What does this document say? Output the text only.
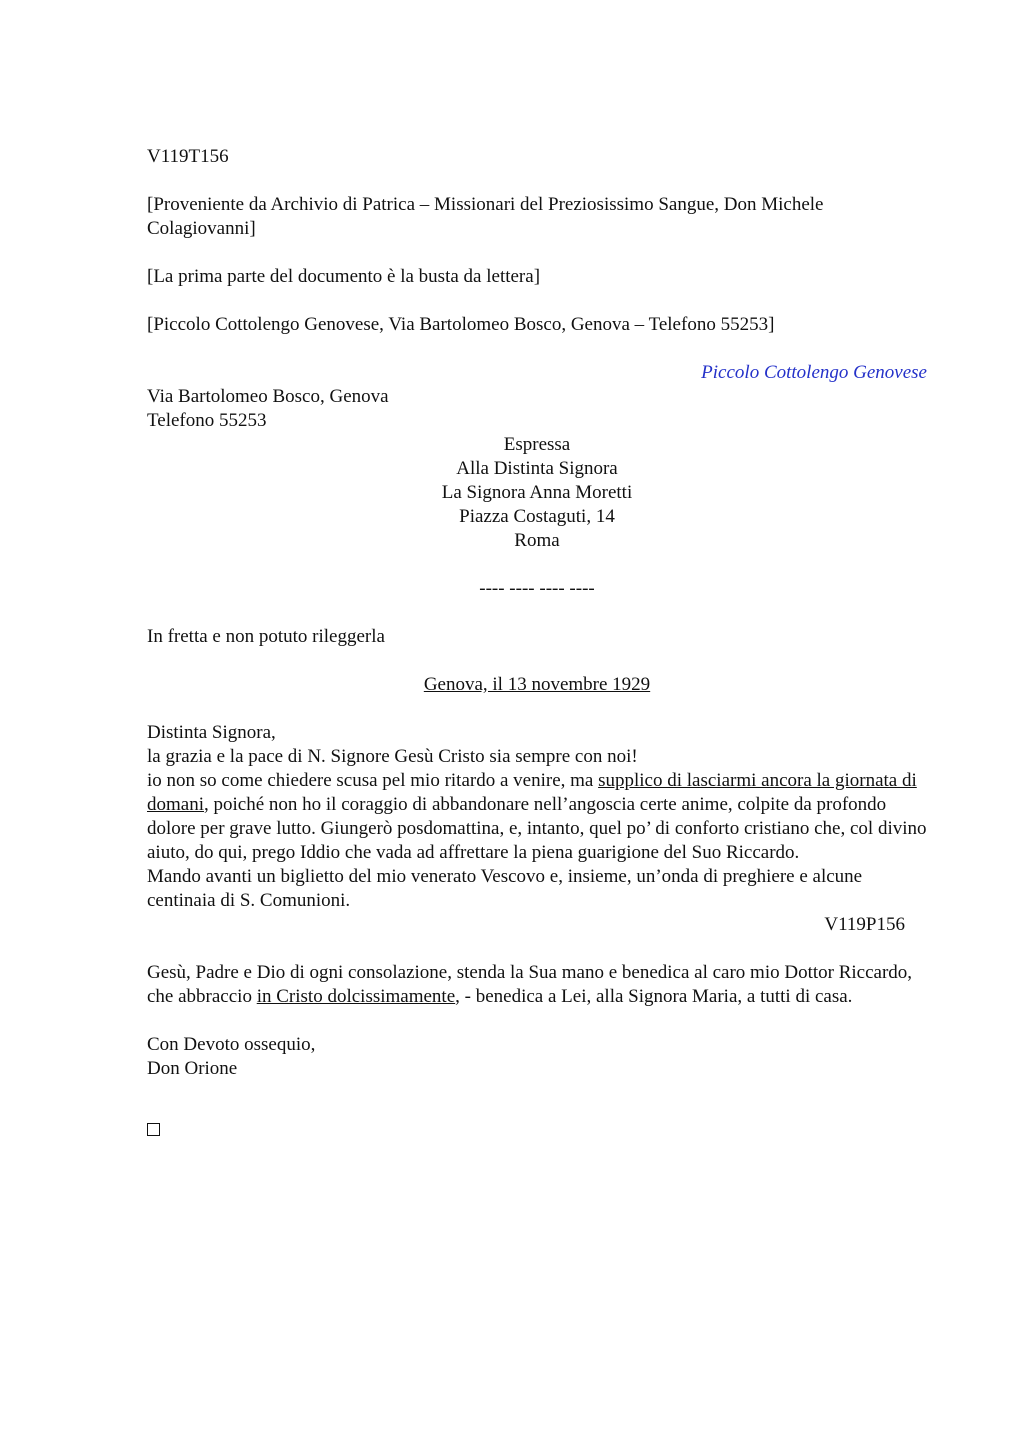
V119T156

[Proveniente da Archivio di Patrica – Missionari del Preziosissimo Sangue, Don Michele Colagiovanni]

[La prima parte del documento è la busta da lettera]

[Piccolo Cottolengo Genovese, Via Bartolomeo Bosco, Genova – Telefono 55253]

Piccolo Cottolengo Genovese

Via Bartolomeo Bosco, Genova

Telefono 55253

Espressa

Alla Distinta Signora

La Signora Anna Moretti

Piazza Costaguti, 14

Roma

---- ---- ---- ----

In fretta e non potuto rileggerla

Genova, il 13 novembre 1929

Distinta Signora,

la grazia e la pace di N. Signore Gesù Cristo sia sempre con noi!

io non so come chiedere scusa pel mio ritardo a venire, ma supplico di lasciarmi ancora la giornata di domani, poiché non ho il coraggio di abbandonare nell’angoscia certe anime, colpite da profondo dolore per grave lutto. Giungerò posdomattina, e, intanto, quel po’ di conforto cristiano che, col divino aiuto, do qui, prego Iddio che vada ad affrettare la piena guarigione del Suo Riccardo.

Mando avanti un biglietto del mio venerato Vescovo e, insieme, un’onda di preghiere e alcune centinaia di S. Comunioni.

V119P156

Gesù, Padre e Dio di ogni consolazione, stenda la Sua mano e benedica al caro mio Dottor Riccardo, che abbraccio in Cristo dolcissimamente, - benedica a Lei, alla Signora Maria, a tutti di casa.

Con Devoto ossequio,

Don Orione
